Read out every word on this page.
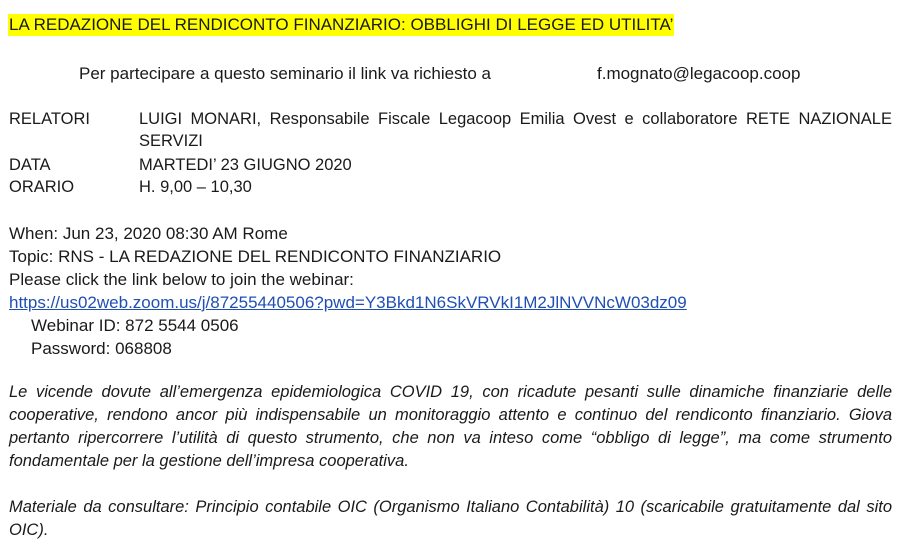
LA REDAZIONE DEL RENDICONTO FINANZIARIO: OBBLIGHI DI LEGGE ED UTILITA’
Per partecipare a questo seminario il link va richiesto a	f.mognato@legacoop.coop
RELATORI	LUIGI MONARI, Responsabile Fiscale Legacoop Emilia Ovest e collaboratore RETE NAZIONALE SERVIZI
DATA	MARTEDI’ 23 GIUGNO 2020
ORARIO	H. 9,00 – 10,30
When: Jun 23, 2020 08:30 AM Rome
Topic: RNS - LA REDAZIONE DEL RENDICONTO FINANZIARIO
Please click the link below to join the webinar:
https://us02web.zoom.us/j/87255440506?pwd=Y3Bkd1N6SkVRVkI1M2JlNVVNcW03dz09
Webinar ID: 872 5544 0506
Password: 068808
Le vicende dovute all’emergenza epidemiologica COVID 19, con ricadute pesanti sulle dinamiche finanziarie delle cooperative, rendono ancor più indispensabile un monitoraggio attento e continuo del rendiconto finanziario. Giova pertanto ripercorrere l’utilità di questo strumento, che non va inteso come “obbligo di legge”, ma come strumento fondamentale per la gestione dell’impresa cooperativa.
Materiale da consultare: Principio contabile OIC (Organismo Italiano Contabilità) 10 (scaricabile gratuitamente dal sito OIC).
